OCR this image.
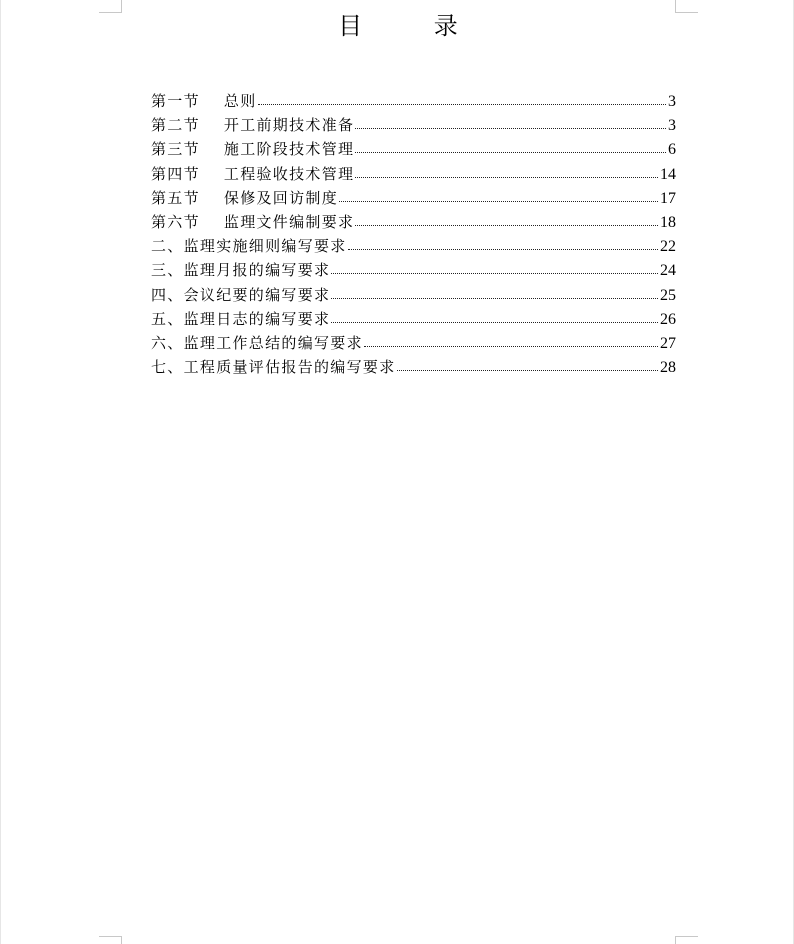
目 录
第一节 总则	3
第二节 开工前期技术准备	3
第三节 施工阶段技术管理	6
第四节 工程验收技术管理	14
第五节 保修及回访制度	17
第六节 监理文件编制要求	18
二、监理实施细则编写要求	22
三、监理月报的编写要求	24
四、会议纪要的编写要求	25
五、监理日志的编写要求	26
六、监理工作总结的编写要求	27
七、工程质量评估报告的编写要求	28
